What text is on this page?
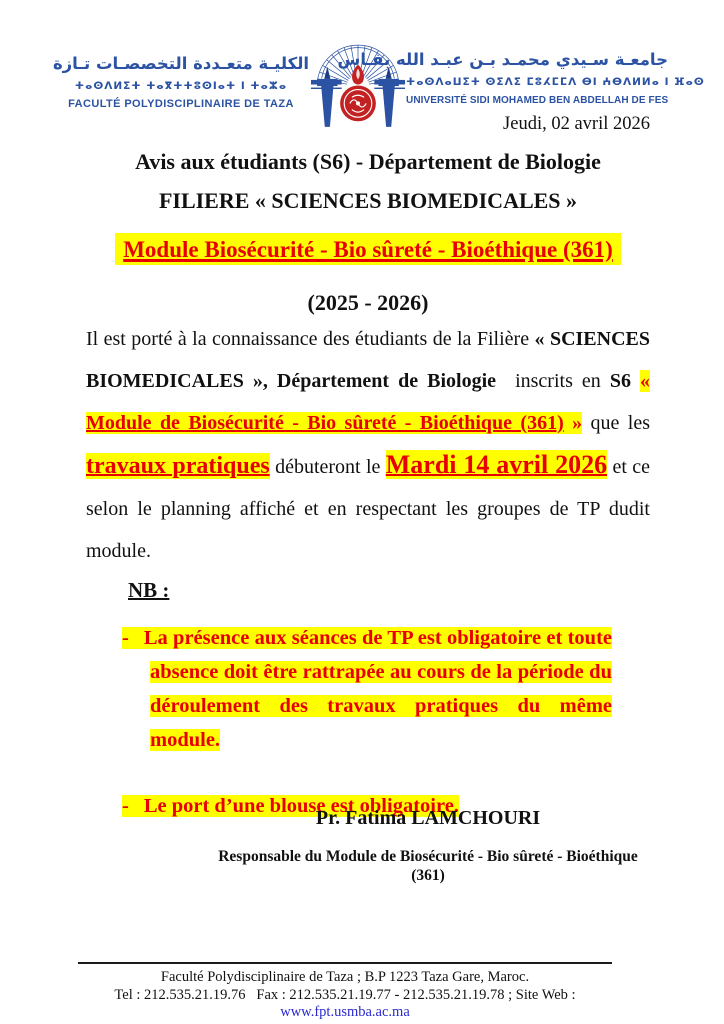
الكليـة متعـددة التخصصـات تـازة
ⵜⴰⵙⴷⵍⵉⵜ ⵜⴰⴳⵜⵜⵓⵙⵏⴰⵜ ⵏ ⵜⴰⵣⴰ
FACULTÉ POLYDISCIPLINAIRE DE TAZA
جامعـة سـيدي محمـد بـن عبـد الله بفـاس
ⵜⴰⵙⴷⴰⵡⵉⵜ ⵙⵉⴷⵉ ⵎⵓⵃⵎⵎⴷ ⴱⵏ ⵄⴱⴷⵍⵍⴰ ⵏ ⴼⴰⵙ
UNIVERSITÉ SIDI MOHAMED BEN ABDELLAH DE FES
Jeudi, 02 avril 2026
Avis aux étudiants (S6) - Département de Biologie
FILIERE « SCIENCES BIOMEDICALES »
Module Biosécurité - Bio sûreté - Bioéthique (361)
(2025 - 2026)

Il est porté à la connaissance des étudiants de la Filière « SCIENCES BIOMEDICALES », Département de Biologie  inscrits en S6 « Module de Biosécurité - Bio sûreté - Bioéthique (361) » que les travaux pratiques débuteront le Mardi 14 avril 2026 et ce selon le planning affiché et en respectant les groupes de TP dudit module.

NB :
- La présence aux séances de TP est obligatoire et toute absence doit être rattrapée au cours de la période du déroulement des travaux pratiques du même module.
- Le port d’une blouse est obligatoire.
Pr. Fatima LAMCHOURI
Responsable du Module de Biosécurité - Bio sûreté - Bioéthique (361)
Faculté Polydisciplinaire de Taza ; B.P 1223 Taza Gare, Maroc.
Tel : 212.535.21.19.76  Fax : 212.535.21.19.77 - 212.535.21.19.78 ; Site Web : www.fpt.usmba.ac.ma
